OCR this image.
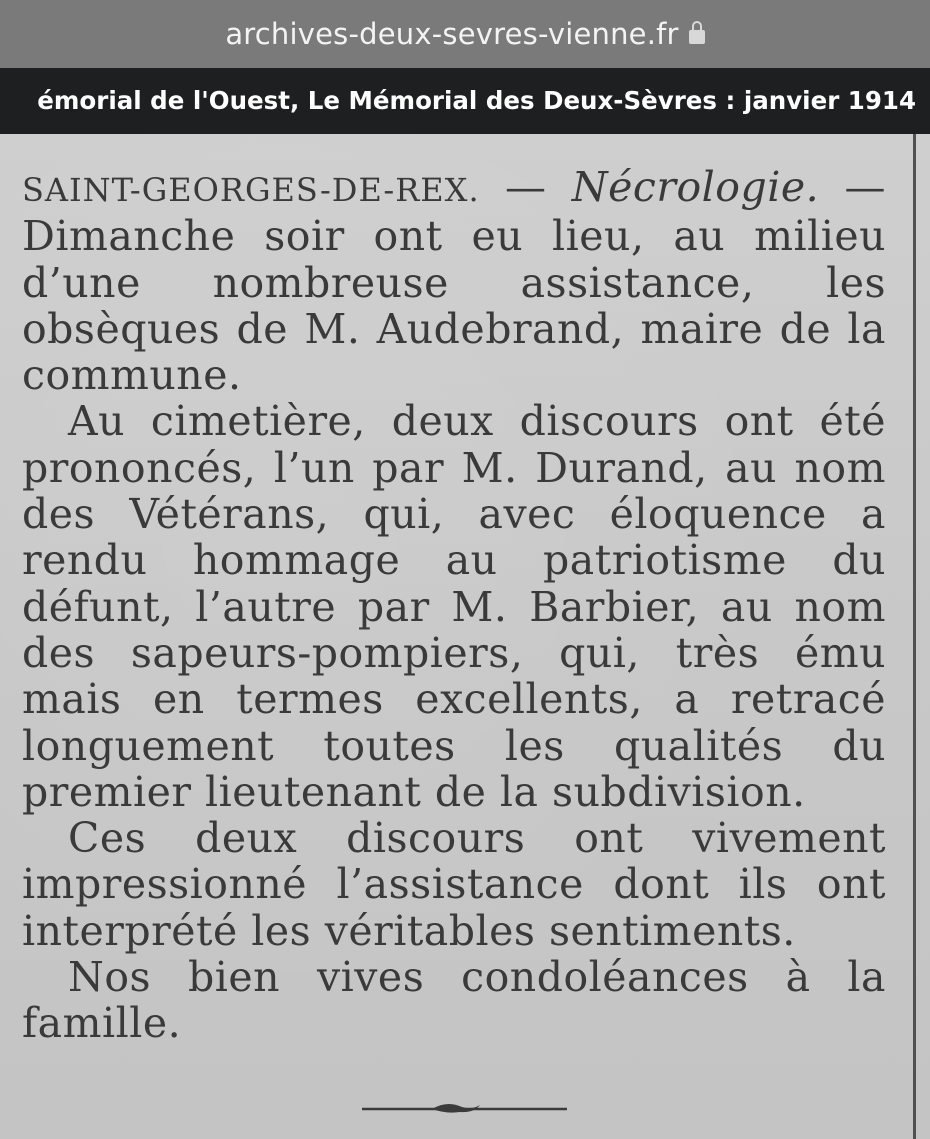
archives-deux-sevres-vienne.fr
émorial de l'Ouest, Le Mémorial des Deux-Sèvres : janvier 1914

SAINT-GEORGES-DE-REX. — Nécrologie. — Dimanche soir ont eu lieu, au milieu d’une nombreuse assistance, les obsèques de M. Audebrand, maire de la commune.

Au cimetière, deux discours ont été prononcés, l’un par M. Durand, au nom des Vétérans, qui, avec éloquence a rendu hommage au patriotisme du défunt, l’autre par M. Barbier, au nom des sapeurs-pompiers, qui, très ému mais en termes excellents, a retracé longuement toutes les qualités du premier lieutenant de la subdivision.

Ces deux discours ont vivement impressionné l’assistance dont ils ont interprété les véritables sentiments.

Nos bien vives condoléances à la famille.
